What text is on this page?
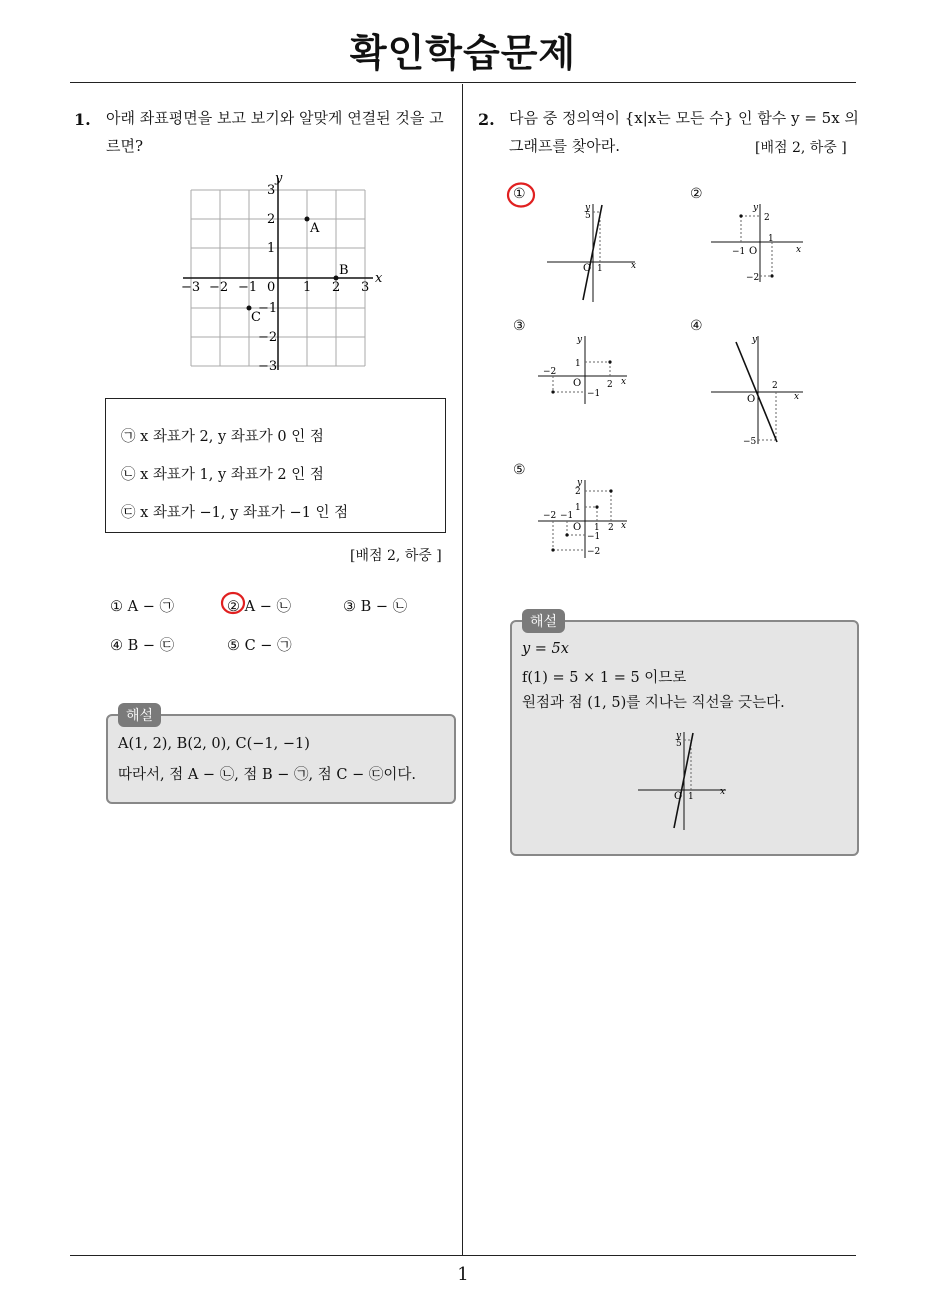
확인학습문제
1
1. 아래 좌표평면을 보고 보기와 알맞게 연결된 것을 고
르면?
x
y
−3 −2 −1 0 1 2 3
3
2
1
−1
−2
−3
A
B
C
㉠ x 좌표가 2, y 좌표가 0 인 점
㉡ x 좌표가 1, y 좌표가 2 인 점
㉢ x 좌표가 −1, y 좌표가 −1 인 점
[배점 2, 하중 ]
① A − ㉠	② A − ㉡	③ B − ㉡
④ B − ㉢	⑤ C − ㉠
해설
A(1, 2), B(2, 0), C(−1, −1)
따라서, 점 A − ㉡, 점 B − ㉠, 점 C − ㉢이다.
2. 다음 중 정의역이 {x|x는 모든 수} 인 함수 y = 5x 의
그래프를 찾아라.	[배점 2, 하중 ]
①	②
③	④
⑤
x
y
5
O 1
x
y
2
−2
1
−1 O
x
y
1
−1
2
−2
O
x
y
−5
2
O
x
y
2
1
−1
−2
1 2
−2 −1
O
해설
y = 5x
f(1) = 5 × 1 = 5 이므로
원점과 점 (1, 5)를 지나는 직선을 긋는다.
x
y
5
O 1
